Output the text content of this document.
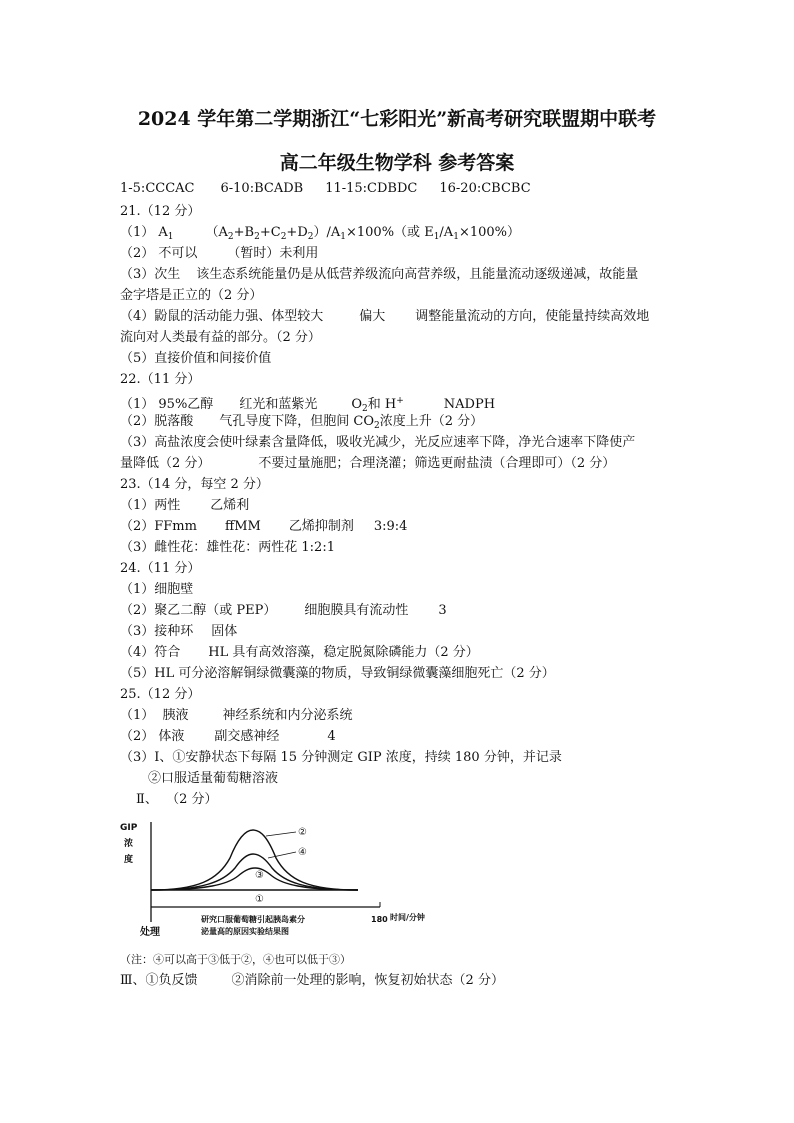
2024 学年第二学期浙江“七彩阳光”新高考研究联盟期中联考
高二年级生物学科 参考答案
1-5:CCCAC 6-10:BCADB 11-15:CDBDC 16-20:CBCBC
21.（12 分）
（1） $A_1$ $(A_2+B_2+C_2+D_2)/A_1\times 100\%$（或 $E_1/A_1\times 100\%$）
（2） 不可以 （暂时）未利用
（3）次生 该生态系统能量仍是从低营养级流向高营养级，且能量流动逐级递减，故能量
金字塔是正立的（2 分）
（4）鼢鼠的活动能力强、体型较大	偏大 调整能量流动的方向，使能量持续高效地
流向对人类最有益的部分。（2 分）
（5）直接价值和间接价值
22.（11 分）
（1） 95%乙醇 红光和蓝紫光	$O_2$和 H+	NADPH
（2）脱落酸 气孔导度下降，但胞间 $CO_2$浓度上升（2 分）
（3）高盐浓度会使叶绿素含量降低，吸收光减少，光反应速率下降，净光合速率下降使产
量降低（2 分）	不要过量施肥；合理浇灌；筛选更耐盐渍（合理即可）（2 分）
23.（14 分，每空 2 分）
（1）两性 乙烯利
（2）FFmm ffMM 乙烯抑制剂 3:9:4
（3）雌性花：雄性花：两性花 1:2:1
24.（11 分）
（1）细胞壁
（2）聚乙二醇（或 PEP） 细胞膜具有流动性 3
（3）接种环 固体
（4）符合 HL 具有高效溶藻，稳定脱氮除磷能力（2 分）
（5）HL 可分泌溶解铜绿微囊藻的物质，导致铜绿微囊藻细胞死亡（2 分）
25.（12 分）
（1）  胰液	神经系统和内分泌系统
（2） 体液 副交感神经	4
（3）Ⅰ、①安静状态下每隔 15 分钟测定 GIP 浓度，持续 180 分钟，并记录
②口服适量葡萄糖溶液
Ⅱ、  （2 分）
GIP
浓
度
②
④
③
①
180 时间/分钟
研究口服葡萄糖引起胰岛素分
泌量高的原因实验结果图
处理
（注：④可以高于③低于②，④也可以低于③）
Ⅲ、①负反馈	②消除前一处理的影响，恢复初始状态（2 分）
